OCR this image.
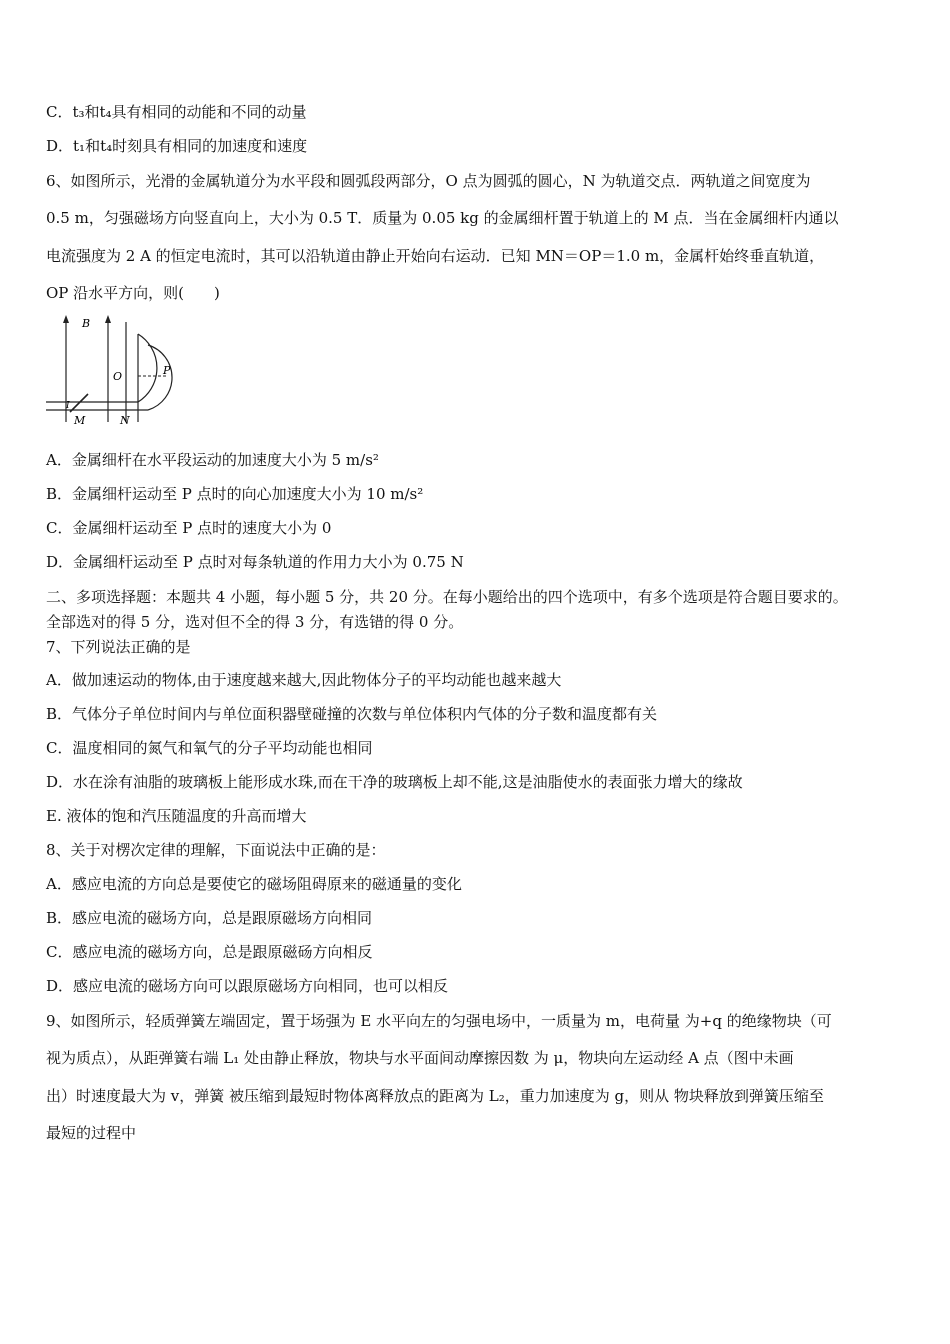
C．t₃和t₄具有相同的动能和不同的动量
D．t₁和t₄时刻具有相同的加速度和速度
6、如图所示，光滑的金属轨道分为水平段和圆弧段两部分，O 点为圆弧的圆心，N 为轨道交点．两轨道之间宽度为
0.5 m，匀强磁场方向竖直向上，大小为 0.5 T．质量为 0.05 kg 的金属细杆置于轨道上的 M 点．当在金属细杆内通以
电流强度为 2 A 的恒定电流时，其可以沿轨道由静止开始向右运动．已知 MN＝OP＝1.0 m，金属杆始终垂直轨道，
OP 沿水平方向，则(　　)
B
O	P
I
M	N
A．金属细杆在水平段运动的加速度大小为 5 m/s²
B．金属细杆运动至 P 点时的向心加速度大小为 10 m/s²
C．金属细杆运动至 P 点时的速度大小为 0
D．金属细杆运动至 P 点时对每条轨道的作用力大小为 0.75 N
二、多项选择题：本题共 4 小题，每小题 5 分，共 20 分。在每小题给出的四个选项中，有多个选项是符合题目要求的。
全部选对的得 5 分，选对但不全的得 3 分，有选错的得 0 分。
7、下列说法正确的是
A．做加速运动的物体,由于速度越来越大,因此物体分子的平均动能也越来越大
B．气体分子单位时间内与单位面积器壁碰撞的次数与单位体积内气体的分子数和温度都有关
C．温度相同的氮气和氧气的分子平均动能也相同
D．水在涂有油脂的玻璃板上能形成水珠,而在干净的玻璃板上却不能,这是油脂使水的表面张力增大的缘故
E. 液体的饱和汽压随温度的升高而增大
8、关于对楞次定律的理解，下面说法中正确的是：
A．感应电流的方向总是要使它的磁场阻碍原来的磁通量的变化
B．感应电流的磁场方向，总是跟原磁场方向相同
C．感应电流的磁场方向，总是跟原磁砀方向相反
D．感应电流的磁场方向可以跟原磁场方向相同，也可以相反
9、如图所示，轻质弹簧左端固定，置于场强为 E 水平向左的匀强电场中，一质量为 m，电荷量 为+q 的绝缘物块（可
视为质点），从距弹簧右端 L₁ 处由静止释放，物块与水平面间动摩擦因数 为 μ，物块向左运动经 A 点（图中未画
出）时速度最大为 v，弹簧 被压缩到最短时物体离释放点的距离为 L₂，重力加速度为 g，则从 物块释放到弹簧压缩至
最短的过程中
